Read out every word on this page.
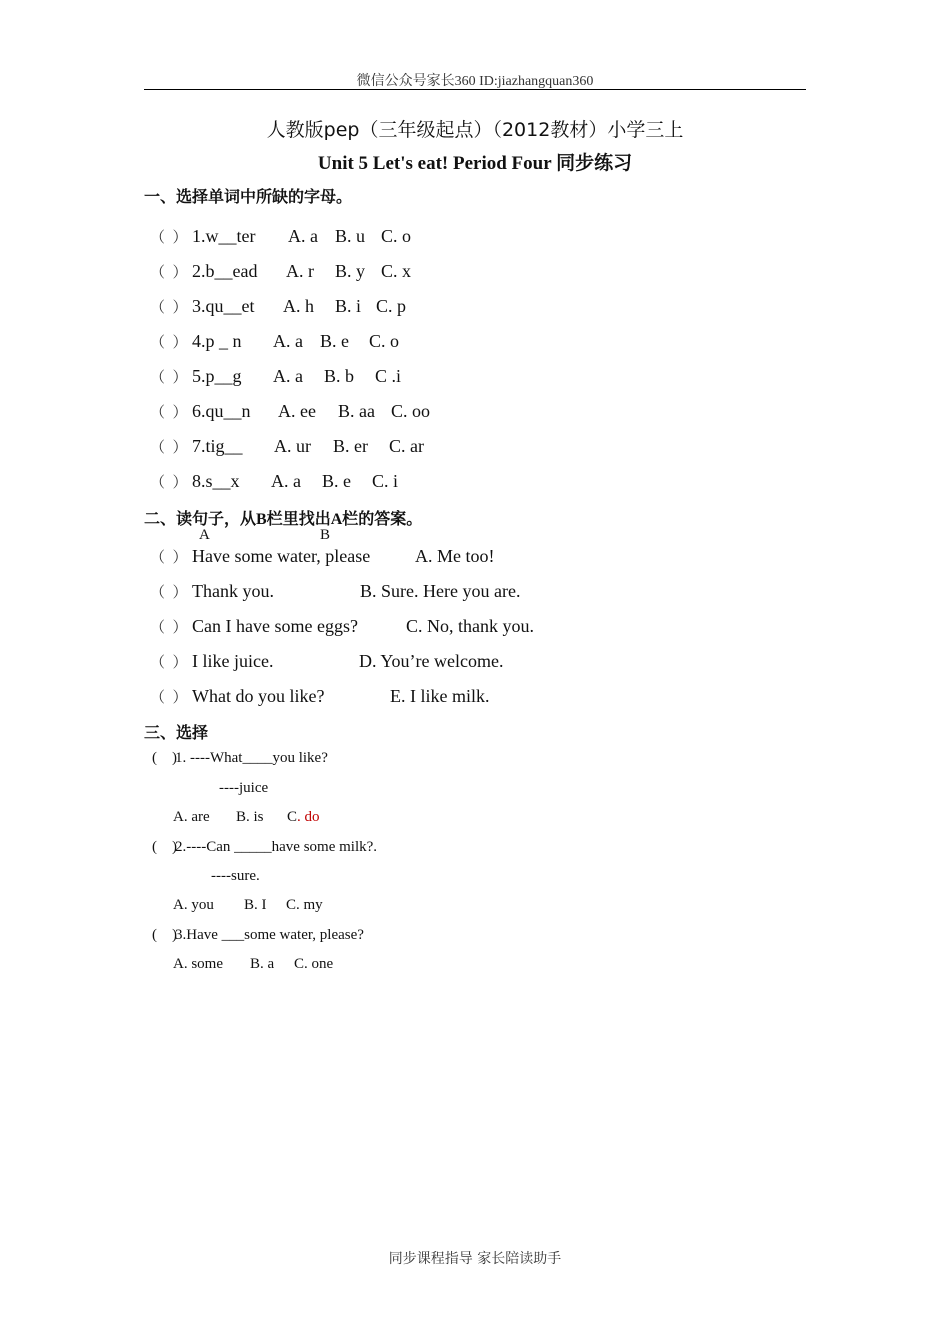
微信公众号家长360 ID:jiazhangquan360
人教版pep（三年级起点）（2012教材）小学三上
Unit 5 Let's eat! Period Four 同步练习
一、选择单词中所缺的字母。
（  ） 1.w__ter A. a B. u C. o
（  ） 2.b__ead A. r B. y C. x
（  ） 3.qu__et A. h B. i C. p
（  ） 4.p _ n A. a B. e C. o
（  ） 5.p__g A. a B. b C .i
（  ） 6.qu__n A. ee B. aa C. oo
（  ） 7.tig__ A. ur B. er C. ar
（  ） 8.s__x A. a B. e C. i
二、读句子，从B栏里找出A栏的答案。
A	B
（  ） Have some water, please A. Me too!
（  ） Thank you.	B. Sure. Here you are.
（  ） Can I have some eggs?	C. No, thank you.
（  ） I like juice.	D. You’re welcome.
（  ） What do you like?	E. I like milk.
三、选择
(    )
1. ----What____you like?
----juice
A. are B. is C. do
(    )
2.----Can _____have some milk?.
----sure.
A. you B. I C. my
(    )
3.Have ___some water, please?
A. some B. a C. one
同步课程指导 家长陪读助手
